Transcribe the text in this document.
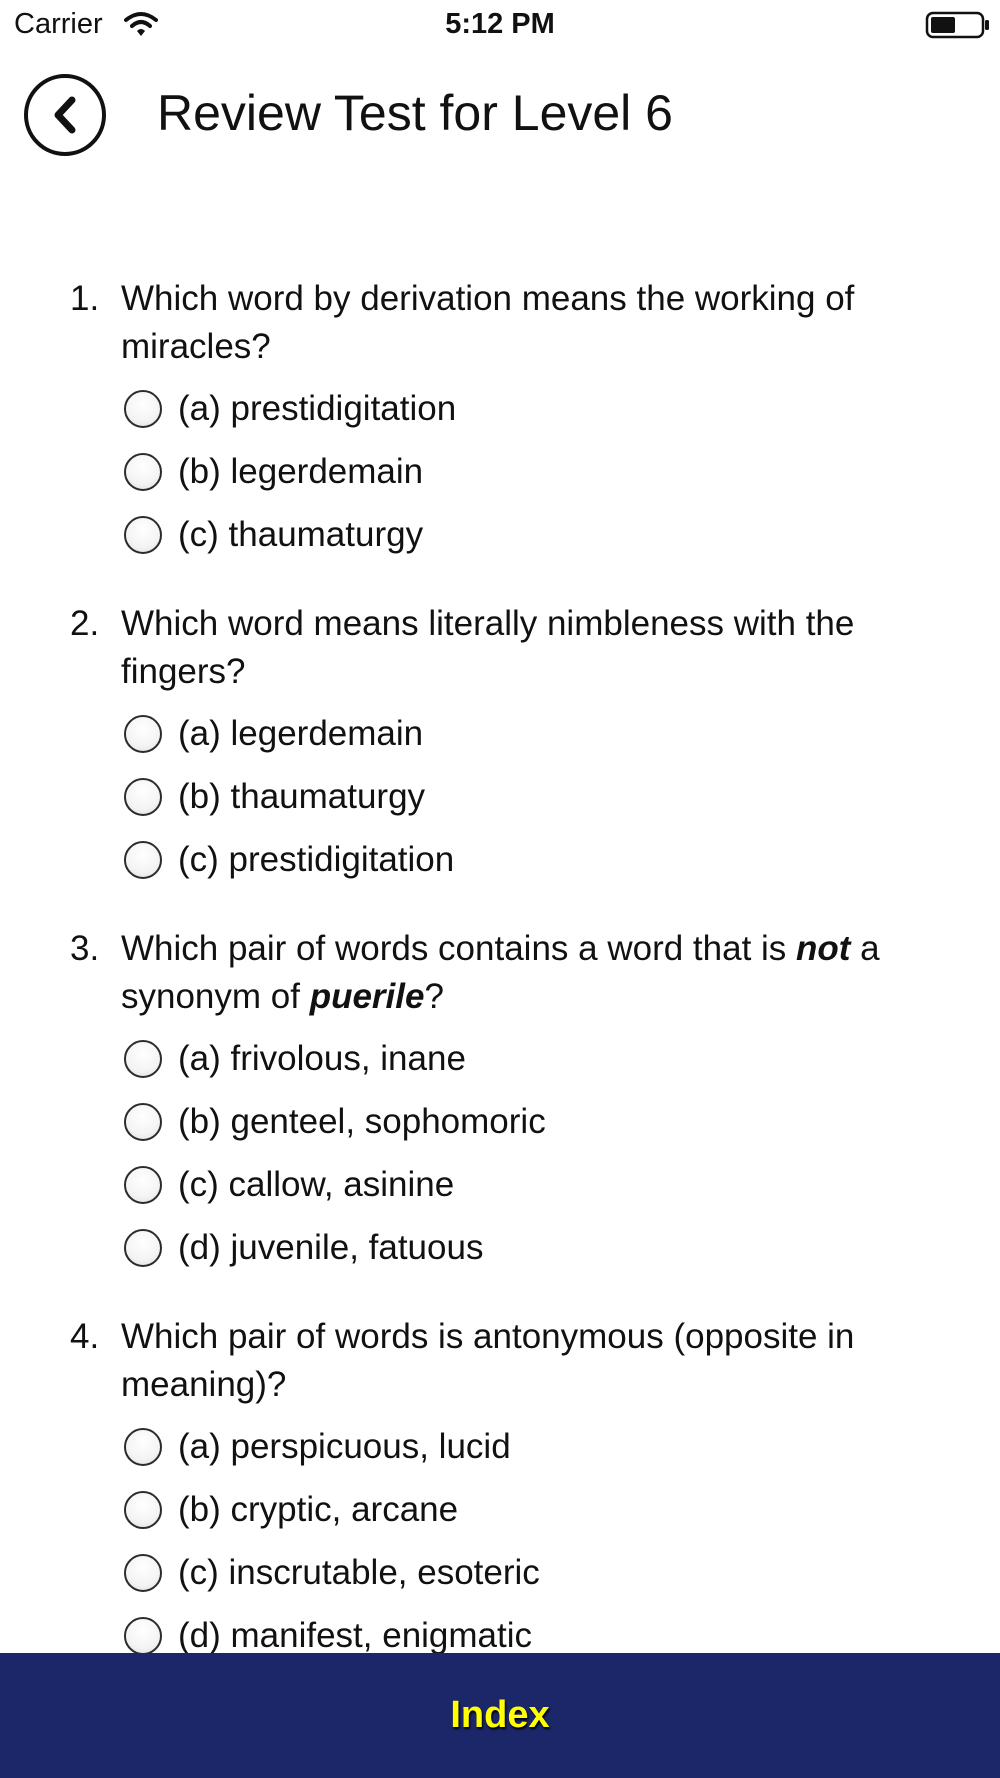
Carrier	5:12 PM
Review Test for Level 6
1. Which word by derivation means the working of miracles?
(a) prestidigitation
(b) legerdemain
(c) thaumaturgy
2. Which word means literally nimbleness with the fingers?
(a) legerdemain
(b) thaumaturgy
(c) prestidigitation
3. Which pair of words contains a word that is not a synonym of puerile?
(a) frivolous, inane
(b) genteel, sophomoric
(c) callow, asinine
(d) juvenile, fatuous
4. Which pair of words is antonymous (opposite in meaning)?
(a) perspicuous, lucid
(b) cryptic, arcane
(c) inscrutable, esoteric
(d) manifest, enigmatic
Index
